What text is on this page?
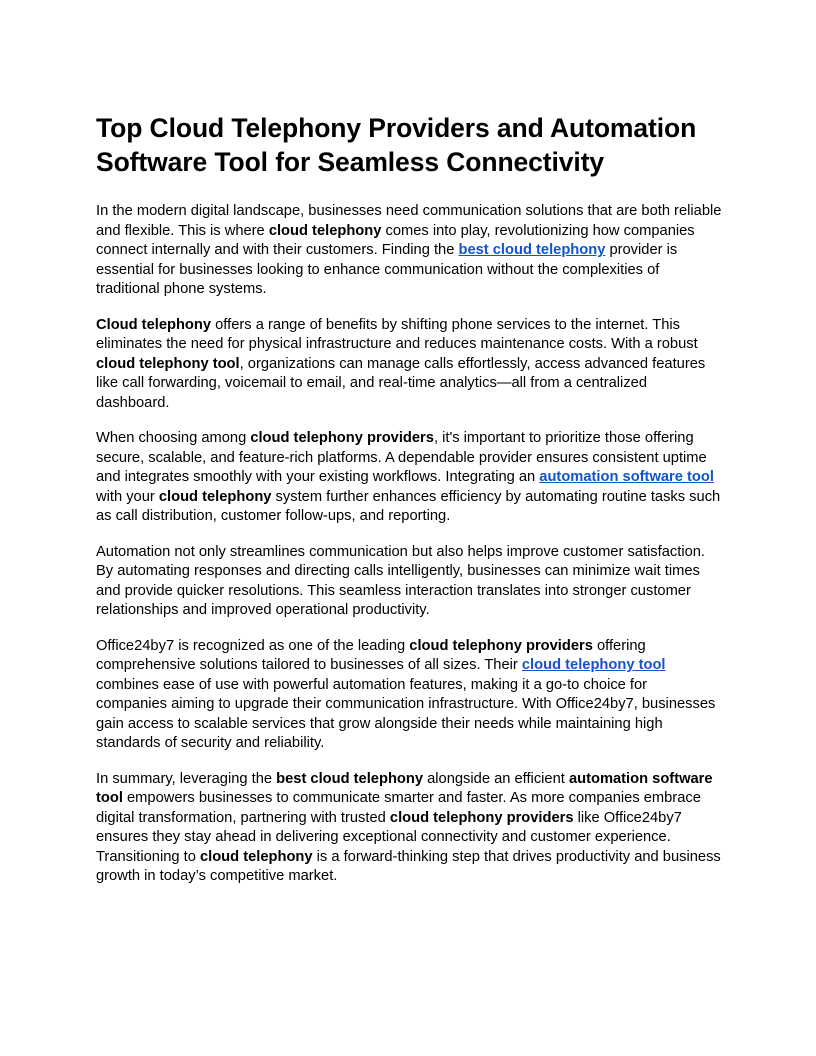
Top Cloud Telephony Providers and Automation Software Tool for Seamless Connectivity

In the modern digital landscape, businesses need communication solutions that are both reliable and flexible. This is where cloud telephony comes into play, revolutionizing how companies connect internally and with their customers. Finding the best cloud telephony provider is essential for businesses looking to enhance communication without the complexities of traditional phone systems.

Cloud telephony offers a range of benefits by shifting phone services to the internet. This eliminates the need for physical infrastructure and reduces maintenance costs. With a robust cloud telephony tool, organizations can manage calls effortlessly, access advanced features like call forwarding, voicemail to email, and real-time analytics—all from a centralized dashboard.

When choosing among cloud telephony providers, it's important to prioritize those offering secure, scalable, and feature-rich platforms. A dependable provider ensures consistent uptime and integrates smoothly with your existing workflows. Integrating an automation software tool with your cloud telephony system further enhances efficiency by automating routine tasks such as call distribution, customer follow-ups, and reporting.

Automation not only streamlines communication but also helps improve customer satisfaction. By automating responses and directing calls intelligently, businesses can minimize wait times and provide quicker resolutions. This seamless interaction translates into stronger customer relationships and improved operational productivity.

Office24by7 is recognized as one of the leading cloud telephony providers offering comprehensive solutions tailored to businesses of all sizes. Their cloud telephony tool combines ease of use with powerful automation features, making it a go-to choice for companies aiming to upgrade their communication infrastructure. With Office24by7, businesses gain access to scalable services that grow alongside their needs while maintaining high standards of security and reliability.

In summary, leveraging the best cloud telephony alongside an efficient automation software tool empowers businesses to communicate smarter and faster. As more companies embrace digital transformation, partnering with trusted cloud telephony providers like Office24by7 ensures they stay ahead in delivering exceptional connectivity and customer experience. Transitioning to cloud telephony is a forward-thinking step that drives productivity and business growth in today’s competitive market.
